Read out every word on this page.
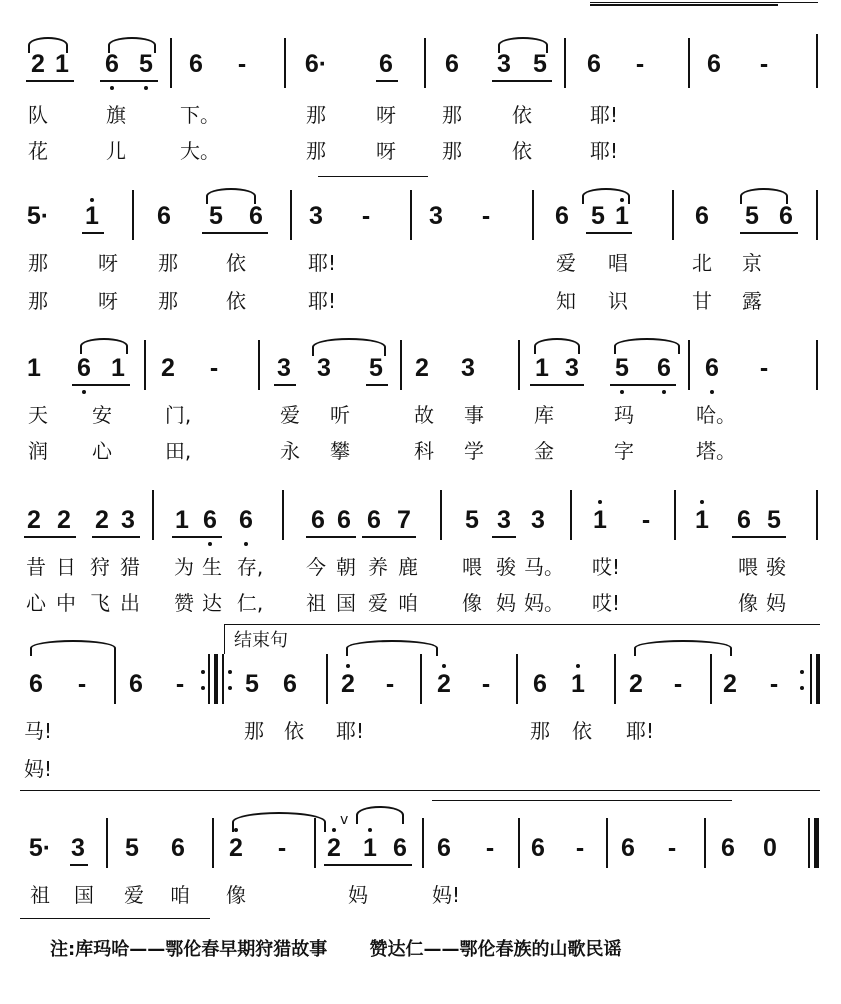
2 1 6 5 6 - 6· 6 6 3 5 6 -	6 -
队	旗	下。	那	呀 那	依	耶!
花	儿	大。	那	呀 那	依	耶!
5· 1 6 5 6 3 - 3 -	6 5 1	6 5 6
那	呀 那 依	耶!	爱 唱	北 京
那	呀 那 依	耶!	知 识	甘 露
1 6 1 2 - 3 3 5 2 3 1 3 5 6 6 -
天 安	门,	爱 听	故 事	库	玛	哈。
润 心	田,	永 攀	科 学	金	字	塔。
2 2 2 3 1 6 6 6 6 6 7 5 3 3 1 - 1 6 5
昔 日 狩 猎 为 生 存, 今 朝 养 鹿 喂 骏 马。 哎!	喂 骏
心 中 飞 出 赞 达 仁, 祖 国 爱 咱 像 妈 妈。 哎!	像 妈
结束句
6 - 6 - 5 6 2 - 2 - 6 1 2 - 2 -
马!	那 依 耶!	那 依 耶!
妈!
v
5· 3 5 6 2 - 2 1 6 6 - 6 - 6 - 6 0
祖 国 爱 咱 像	妈	妈!
注:库玛哈——鄂伦春早期狩猎故事 赞达仁——鄂伦春族的山歌民谣
